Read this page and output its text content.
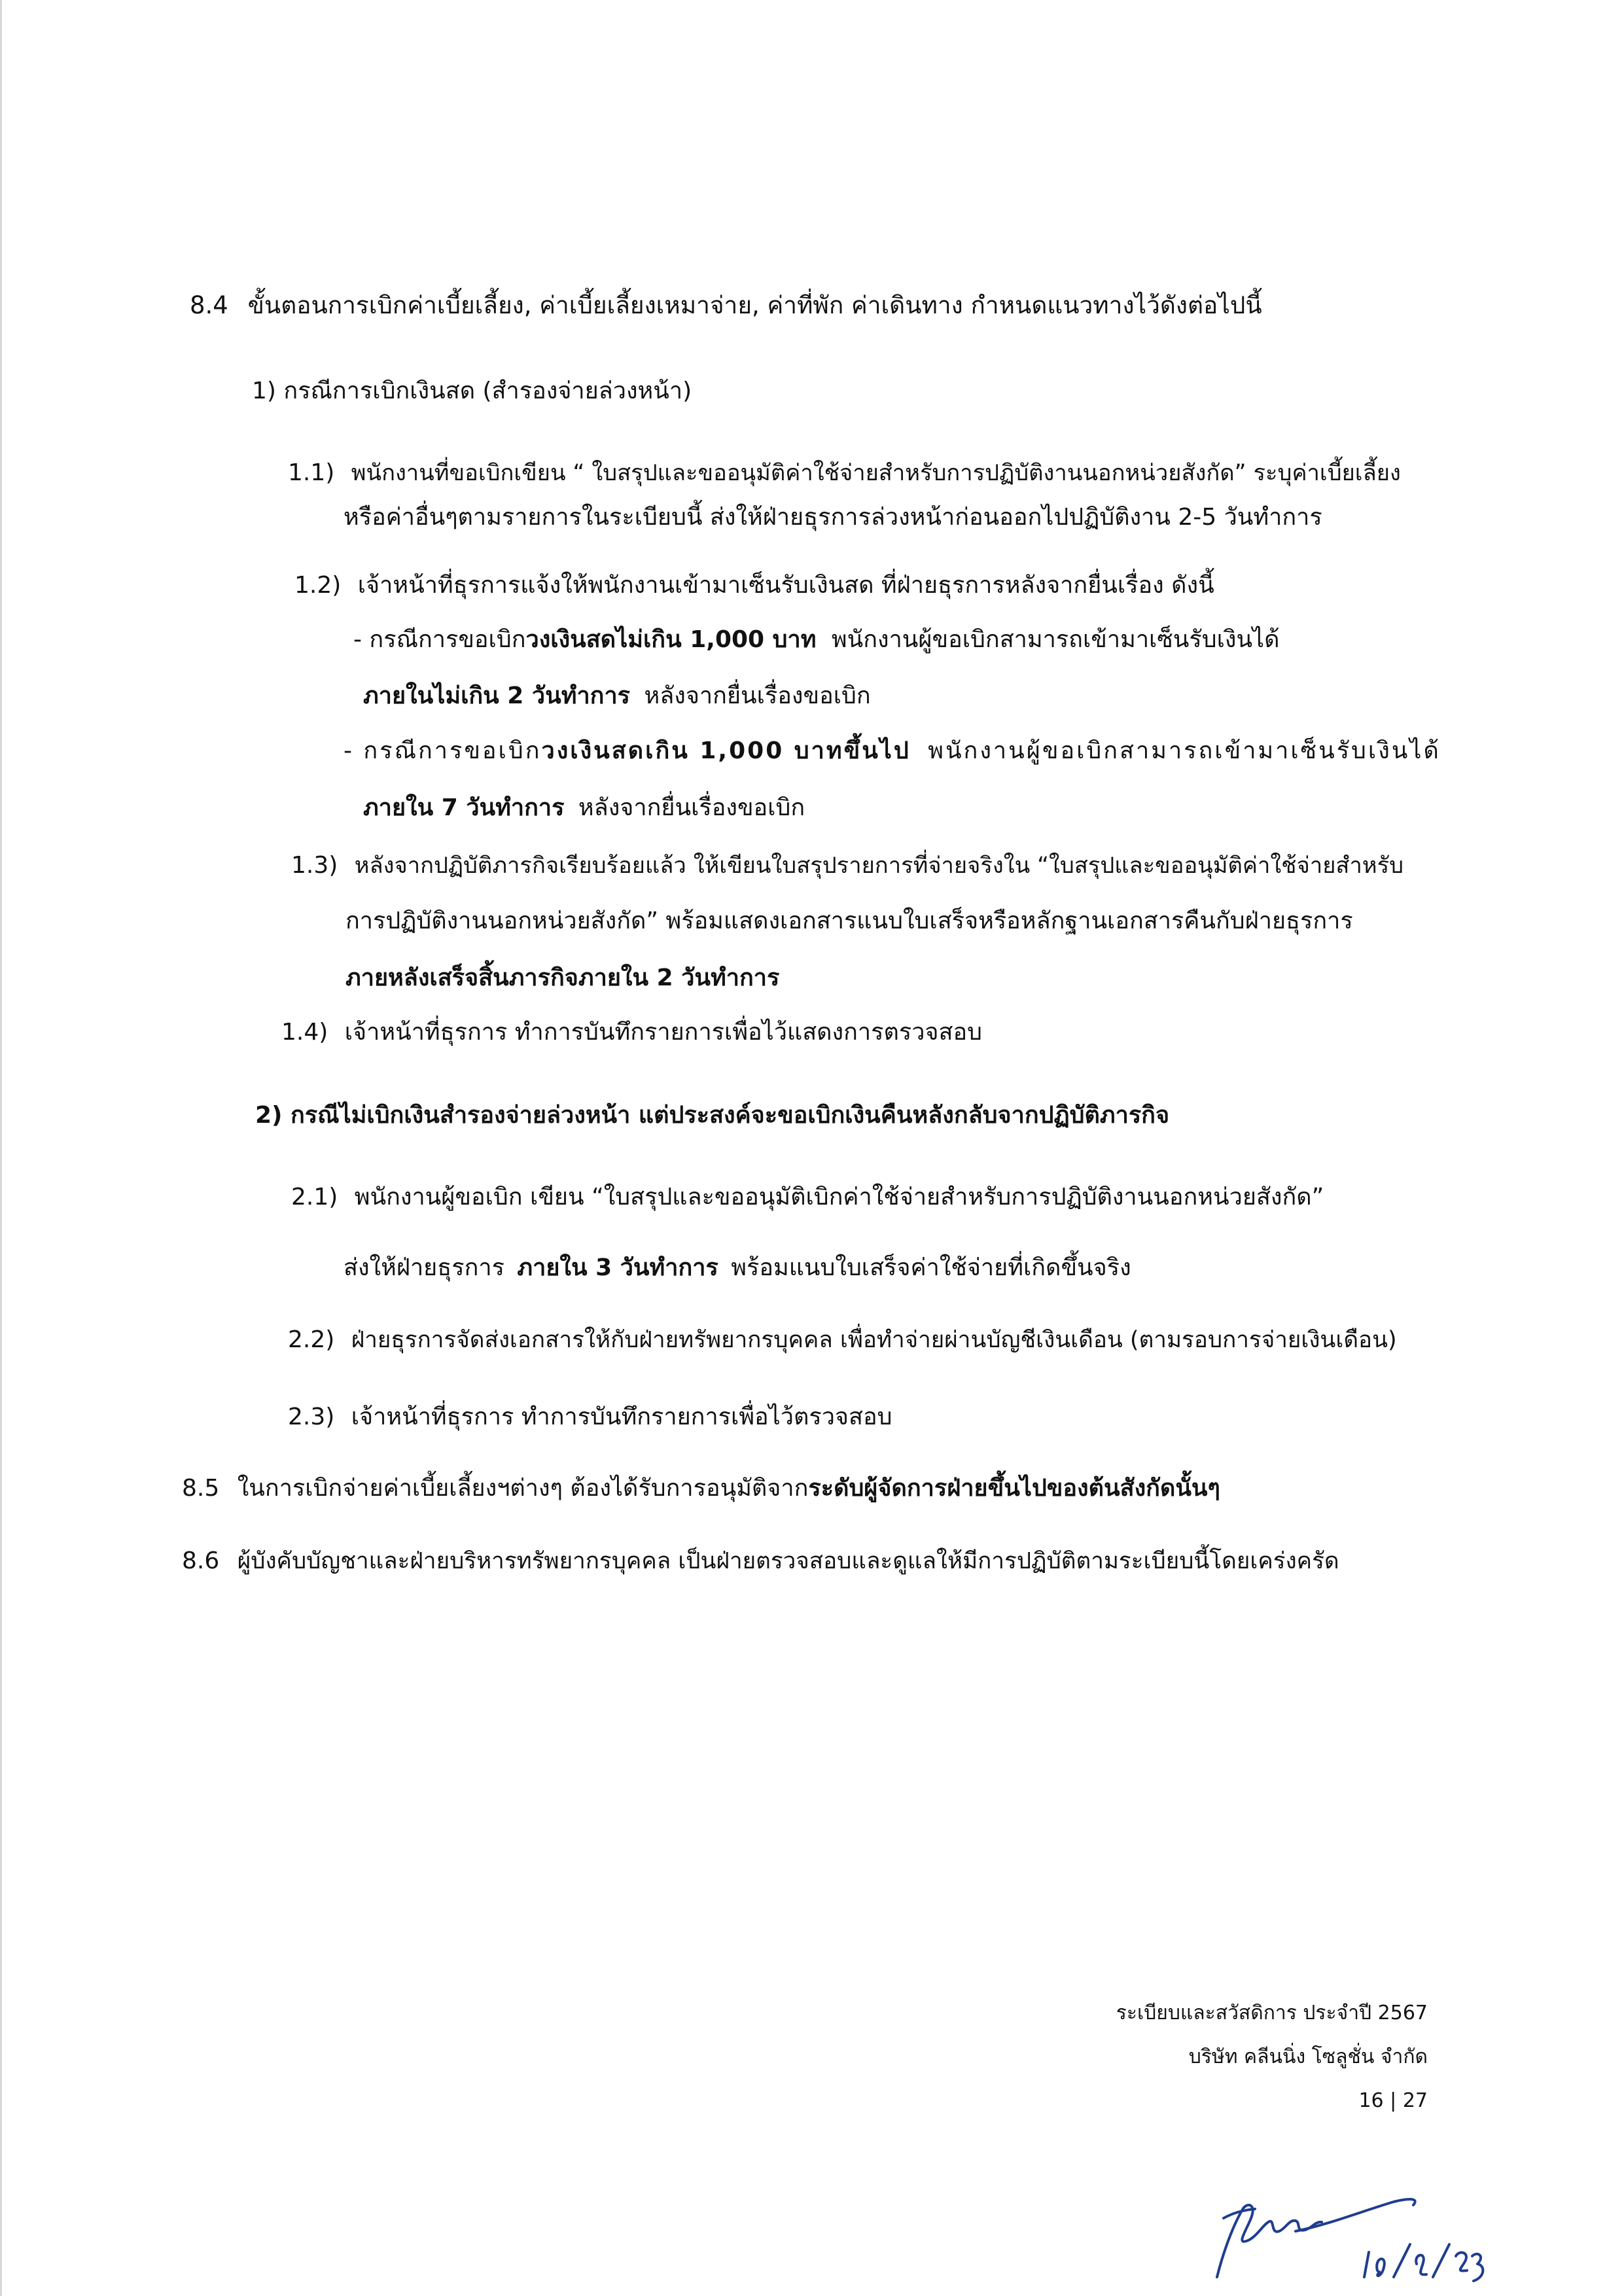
8.4 ขั้นตอนการเบิกค่าเบี้ยเลี้ยง, ค่าเบี้ยเลี้ยงเหมาจ่าย, ค่าที่พัก ค่าเดินทาง กำหนดแนวทางไว้ดังต่อไปนี้
1) กรณีการเบิกเงินสด (สำรองจ่ายล่วงหน้า)
1.1) พนักงานที่ขอเบิกเขียน “ ใบสรุปและขออนุมัติค่าใช้จ่ายสำหรับการปฏิบัติงานนอกหน่วยสังกัด” ระบุค่าเบี้ยเลี้ยง
หรือค่าอื่นๆตามรายการในระเบียบนี้ ส่งให้ฝ่ายธุรการล่วงหน้าก่อนออกไปปฏิบัติงาน 2-5 วันทำการ
1.2) เจ้าหน้าที่ธุรการแจ้งให้พนักงานเข้ามาเซ็นรับเงินสด ที่ฝ่ายธุรการหลังจากยื่นเรื่อง ดังนี้
- กรณีการขอเบิกวงเงินสดไม่เกิน 1,000 บาท พนักงานผู้ขอเบิกสามารถเข้ามาเซ็นรับเงินได้
ภายในไม่เกิน 2 วันทำการ หลังจากยื่นเรื่องขอเบิก
- กรณีการขอเบิกวงเงินสดเกิน 1,000 บาทขึ้นไป พนักงานผู้ขอเบิกสามารถเข้ามาเซ็นรับเงินได้
ภายใน 7 วันทำการ หลังจากยื่นเรื่องขอเบิก
1.3) หลังจากปฏิบัติภารกิจเรียบร้อยแล้ว ให้เขียนใบสรุปรายการที่จ่ายจริงใน “ใบสรุปและขออนุมัติค่าใช้จ่ายสำหรับ
การปฏิบัติงานนอกหน่วยสังกัด” พร้อมแสดงเอกสารแนบใบเสร็จหรือหลักฐานเอกสารคืนกับฝ่ายธุรการ
ภายหลังเสร็จสิ้นภารกิจภายใน 2 วันทำการ
1.4) เจ้าหน้าที่ธุรการ ทำการบันทึกรายการเพื่อไว้แสดงการตรวจสอบ
2) กรณีไม่เบิกเงินสำรองจ่ายล่วงหน้า แต่ประสงค์จะขอเบิกเงินคืนหลังกลับจากปฏิบัติภารกิจ
2.1) พนักงานผู้ขอเบิก เขียน “ใบสรุปและขออนุมัติเบิกค่าใช้จ่ายสำหรับการปฏิบัติงานนอกหน่วยสังกัด”
ส่งให้ฝ่ายธุรการ ภายใน 3 วันทำการ พร้อมแนบใบเสร็จค่าใช้จ่ายที่เกิดขึ้นจริง
2.2) ฝ่ายธุรการจัดส่งเอกสารให้กับฝ่ายทรัพยากรบุคคล เพื่อทำจ่ายผ่านบัญชีเงินเดือน (ตามรอบการจ่ายเงินเดือน)
2.3) เจ้าหน้าที่ธุรการ ทำการบันทึกรายการเพื่อไว้ตรวจสอบ
8.5 ในการเบิกจ่ายค่าเบี้ยเลี้ยงฯต่างๆ ต้องได้รับการอนุมัติจากระดับผู้จัดการฝ่ายขึ้นไปของต้นสังกัดนั้นๆ
8.6 ผู้บังคับบัญชาและฝ่ายบริหารทรัพยากรบุคคล เป็นฝ่ายตรวจสอบและดูแลให้มีการปฏิบัติตามระเบียบนี้โดยเคร่งครัด
ระเบียบและสวัสดิการ ประจำปี 2567
บริษัท คลีนนิ่ง โซลูชั่น จำกัด
16 | 27
